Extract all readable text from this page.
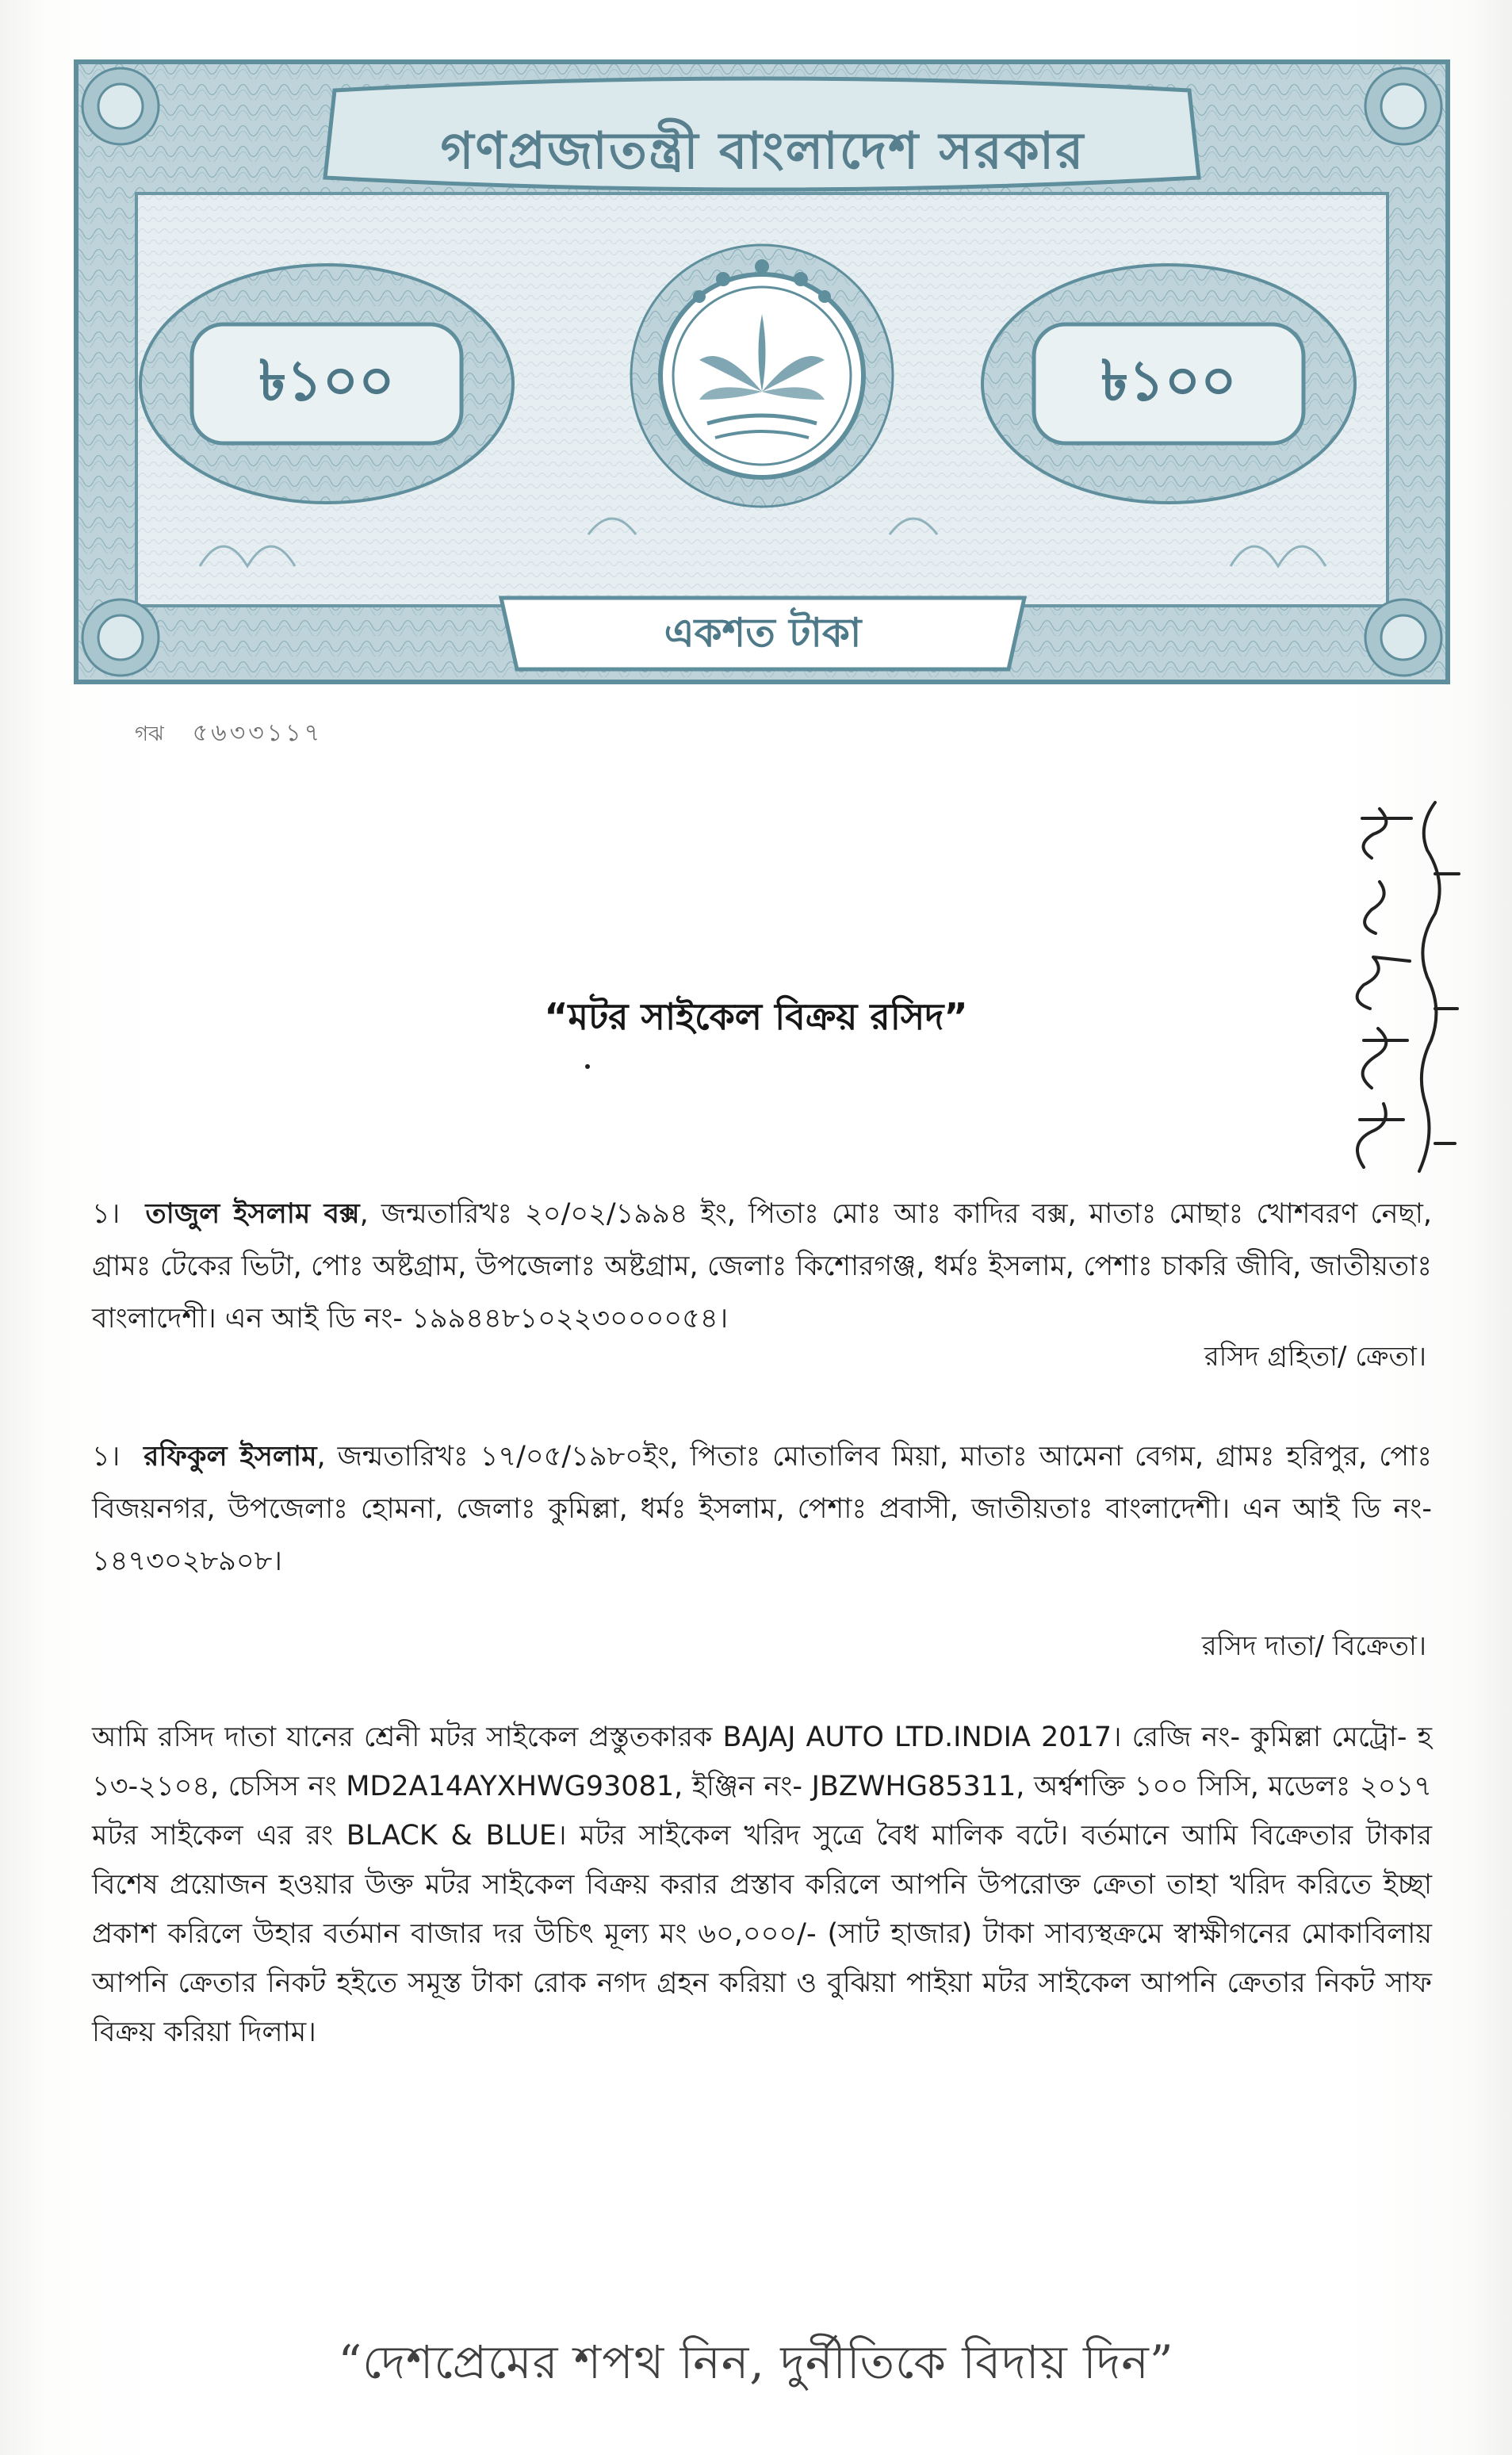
গণপ্রজাতন্ত্রী বাংলাদেশ সরকার
৳১০০	৳১০০
একশত টাকা
গঝ ৫৬৩৩১১৭
“মটর সাইকেল বিক্রয় রসিদ”
১। তাজুল ইসলাম বক্স, জন্মতারিখঃ ২০/০২/১৯৯৪ ইং, পিতাঃ মোঃ আঃ কাদির বক্স, মাতাঃ মোছাঃ খোশবরণ নেছা, গ্রামঃ টেকের ভিটা, পোঃ অষ্টগ্রাম, উপজেলাঃ অষ্টগ্রাম, জেলাঃ কিশোরগঞ্জ, ধর্মঃ ইসলাম, পেশাঃ চাকরি জীবি, জাতীয়তাঃ বাংলাদেশী। এন আই ডি নং- ১৯৯৪৪৮১০২২৩০০০০৫৪।
রসিদ গ্রহিতা/ ক্রেতা।
১। রফিকুল ইসলাম, জন্মতারিখঃ ১৭/০৫/১৯৮০ইং, পিতাঃ মোতালিব মিয়া, মাতাঃ আমেনা বেগম, গ্রামঃ হরিপুর, পোঃ বিজয়নগর, উপজেলাঃ হোমনা, জেলাঃ কুমিল্লা, ধর্মঃ ইসলাম, পেশাঃ প্রবাসী, জাতীয়তাঃ বাংলাদেশী। এন আই ডি নং- ১৪৭৩০২৮৯০৮।
রসিদ দাতা/ বিক্রেতা।
আমি রসিদ দাতা যানের শ্রেনী মটর সাইকেল প্রস্তুতকারক BAJAJ AUTO LTD.INDIA 2017। রেজি নং- কুমিল্লা মেট্রো- হ ১৩-২১০৪, চেসিস নং MD2A14AYXHWG93081, ইঞ্জিন নং- JBZWHG85311, অর্শ্বশক্তি ১০০ সিসি, মডেলঃ ২০১৭ মটর সাইকেল এর রং BLACK & BLUE। মটর সাইকেল খরিদ সুত্রে বৈধ মালিক বটে। বর্তমানে আমি বিক্রেতার টাকার বিশেষ প্রয়োজন হওয়ার উক্ত মটর সাইকেল বিক্রয় করার প্রস্তাব করিলে আপনি উপরোক্ত ক্রেতা তাহা খরিদ করিতে ইচ্ছা প্রকাশ করিলে উহার বর্তমান বাজার দর উচিৎ মূল্য মং ৬০,০০০/- (সাট হাজার) টাকা সাব্যস্থক্রমে স্বাক্ষীগনের মোকাবিলায় আপনি ক্রেতার নিকট হইতে সমূস্ত টাকা রোক নগদ গ্রহন করিয়া ও বুঝিয়া পাইয়া মটর সাইকেল আপনি ক্রেতার নিকট সাফ বিক্রয় করিয়া দিলাম।
“দেশপ্রেমের শপথ নিন, দুর্নীতিকে বিদায় দিন”
